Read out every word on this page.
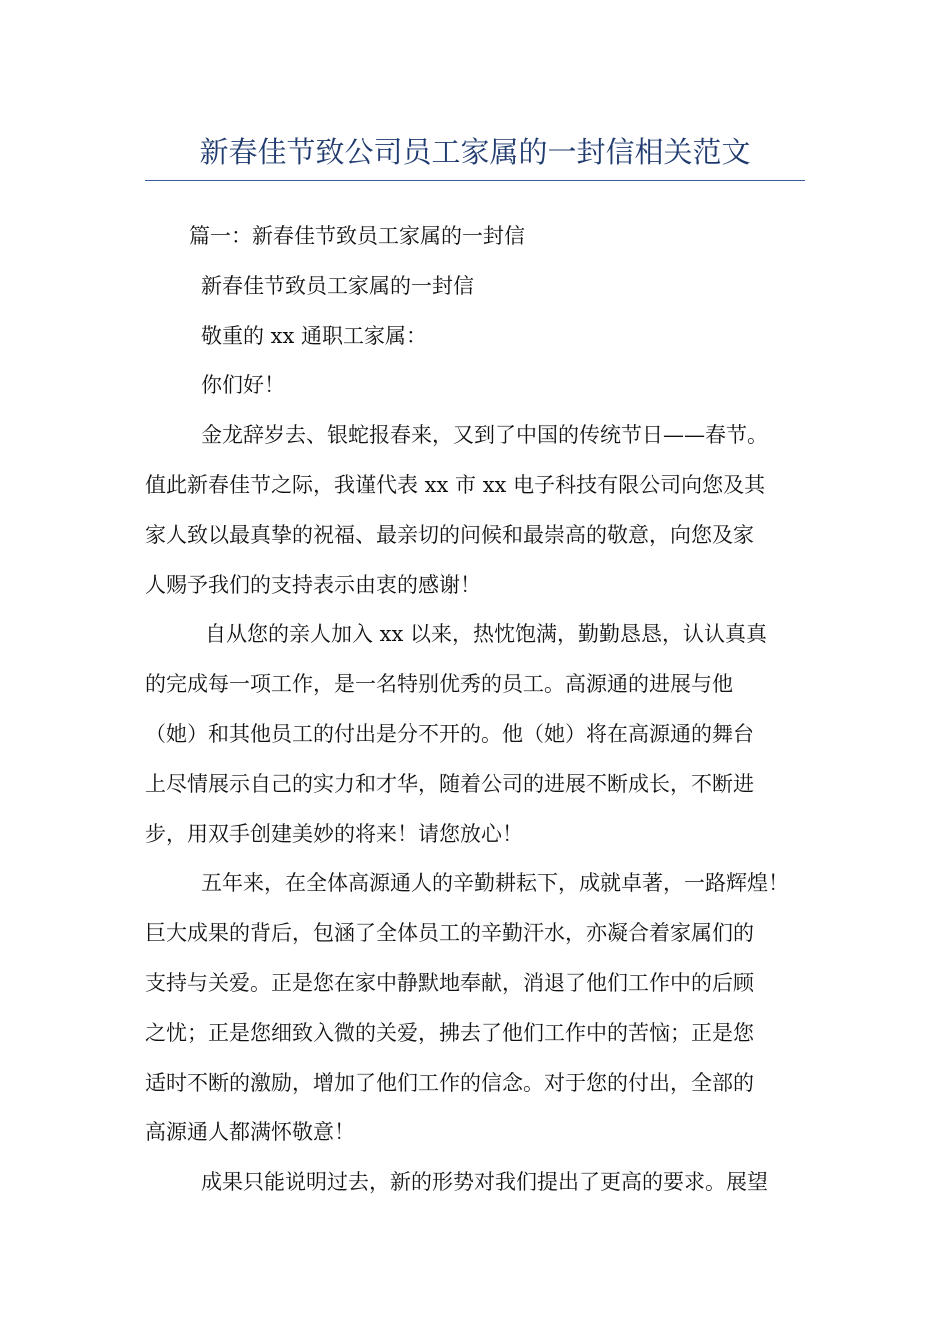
新春佳节致公司员工家属的一封信相关范文
篇一：新春佳节致员工家属的一封信
新春佳节致员工家属的一封信
敬重的 xx 通职工家属：
你们好！
金龙辞岁去、银蛇报春来，又到了中国的传统节日——春节。
值此新春佳节之际，我谨代表 xx 市 xx 电子科技有限公司向您及其
家人致以最真挚的祝福、最亲切的问候和最崇高的敬意，向您及家
人赐予我们的支持表示由衷的感谢！
自从您的亲人加入 xx 以来，热忱饱满，勤勤恳恳，认认真真
的完成每一项工作，是一名特别优秀的员工。高源通的进展与他
（她）和其他员工的付出是分不开的。他（她）将在高源通的舞台
上尽情展示自己的实力和才华，随着公司的进展不断成长，不断进
步，用双手创建美妙的将来！请您放心！
五年来，在全体高源通人的辛勤耕耘下，成就卓著，一路辉煌！
巨大成果的背后，包涵了全体员工的辛勤汗水，亦凝合着家属们的
支持与关爱。正是您在家中静默地奉献，消退了他们工作中的后顾
之忧；正是您细致入微的关爱，拂去了他们工作中的苦恼；正是您
适时不断的激励，增加了他们工作的信念。对于您的付出，全部的
高源通人都满怀敬意！
成果只能说明过去，新的形势对我们提出了更高的要求。展望
